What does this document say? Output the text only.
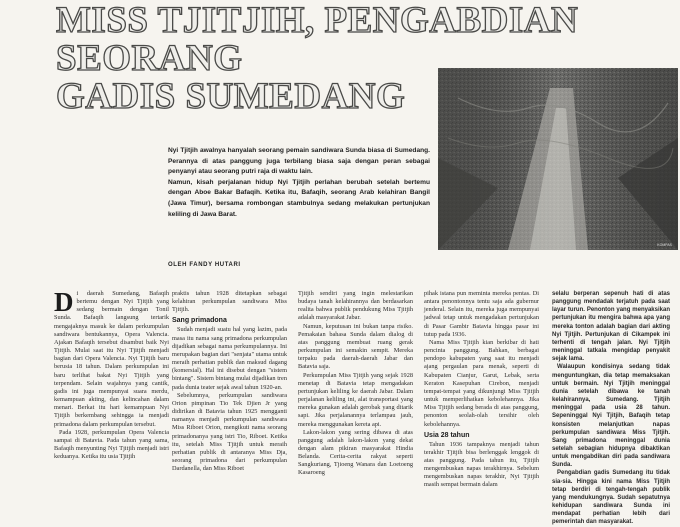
MISS TJITJIH, PENGABDIAN
SEORANG
GADIS SUMEDANG

Nyi Tjitjih awalnya hanyalah seorang pemain sandiwara Sunda biasa di Sumedang. Perannya di atas panggung juga terbilang biasa saja dengan peran sebagai penyanyi atau seorang putri raja di waktu lain.

Namun, kisah perjalanan hidup Nyi Tjitjih perlahan berubah setelah bertemu dengan Aboe Bakar Bafaqih. Ketika itu, Bafaqih, seorang Arab kelahiran Bangil (Jawa Timur), bersama rombongan stambulnya sedang melakukan pertunjukan keliling di Jawa Barat.

OLEH FANDY HUTARI
KOMPAS
D i daerah Sumedang, Bafaqih bertemu dengan Nyi Tjitjih yang sedang bermain dengan Tonil Sunda. Bafaqih langsung tertarik mengajaknya masuk ke dalam perkumpulan sandiwara bentukannya, Opera Valencia. Ajakan Bafaqih tersebut disambut baik Nyi Tjitjih. Mulai saat itu Nyi Tjitjih menjadi bagian dari Opera Valencia. Nyi Tjitjih baru berusia 18 tahun. Dalam perkumpulan ini baru terlihat bakat Nyi Tjitjih yang terpendam. Selain wajahnya yang cantik, gadis ini juga mempunyai suara merdu, kemampuan akting, dan kelincahan dalam menari. Berkat itu hari kemampuan Nyi Tjitjih berkembang sehingga ia menjadi primadona dalam perkumpulan tersebut.

Pada 1928, perkumpulan Opera Valencia sampai di Batavia. Pada tahun yang sama, Bafaqih menyunting Nyi Tjitjih menjadi istri keduanya. Ketika itu usia Tjitjih

praktis tahun 1928 ditetapkan sebagai kelahiran perkumpulan sandiwara Miss Tjitjih.

Sang primadona

Sudah menjadi suatu hal yang lazim, pada masa itu nama sang primadona perkumpulan dijadikan sebagai nama perkumpulannya. Ini merupakan bagian dari "senjata" utama untuk meraih perhatian publik dan maksud dagang (komersial). Hal ini disebut dengan "sistem bintang". Sistem bintang mulai dijadikan tren pada dunia teater sejak awal tahun 1920-an.

Sebelumnya, perkumpulan sandiwara Orion pimpinan Tio Tek Djien Jr yang didirikan di Batavia tahun 1925 mengganti namanya menjadi perkumpulan sandiwara Miss Riboet Orion, mengikuti nama seorang primadonanya yang istri Tio, Riboet. Ketika itu, setelah Miss Tjitjih untuk meraih perhatian publik di antaranya Miss Dja, seorang primadona dari perkumpulan Dardanella, dan Miss Riboet

Tjitjih sendiri yang ingin melestarikan budaya tanah kelahirannya dan berdasarkan realita bahwa publik pendukung Miss Tjitjih adalah masyarakat Jabar.

Namun, keputusan ini bukan tanpa risiko. Pemakaian bahasa Sunda dalam dialog di atas panggung membuat ruang gerak perkumpulan ini semakin sempit. Mereka terpaku pada daerah-daerah Jabar dan Batavia saja.

Perkumpulan Miss Tjitjih yang sejak 1928 menetap di Batavia tetap mengadakan pertunjukan keliling ke daerah Jabar. Dalam perjalanan keliling ini, alat transportasi yang mereka gunakan adalah gerobak yang ditarik sapi. Jika perjalanannya terlampau jauh, mereka menggunakan kereta api.

Lakon-lakon yang sering dibawa di atas panggung adalah lakon-lakon yang dekat dengan alam pikiran masyarakat Hindia Belanda. Cerita-cerita rakyat seperti Sangkuriang, Tjioeng Wanara dan Loetoeng Kasaroeng

pihak istana pun meminta mereka pentas. Di antara penontonnya tentu saja ada gubernur jenderal. Selain itu, mereka juga mempunyai jadwal tetap untuk mengadakan pertunjukan di Pasar Gambir Batavia hingga pasar ini tutup pada 1936.

Nama Miss Tjitjih kian berkibar di hati pencinta panggung. Bahkan, berbagai pendopo kabupaten yang saat itu menjadi ajang pergaulan para menak, seperti di Kabupaten Cianjur, Garut, Lebak, serta Keraton Kasepuhan Cirebon, menjadi tempat-tempat yang dikunjungi Miss Tjitjih untuk memperlihatkan kebolehannya. Jika Miss Tjitjih sedang berada di atas panggung, penonton seolah-olah tersihir oleh kebolehannya.

Usia 28 tahun

Tahun 1936 tampaknya menjadi tahun terakhir Tjitjih bisa berlenggak lenggok di atas panggung. Pada tahun itu, Tjitjih mengembuskan napas terakhirnya. Sebelum mengembuskan napas terakhir, Nyi Tjitjih masih sempat bermain dalam

selalu berperan sepenuh hati di atas panggung mendadak terjatuh pada saat layar turun. Penonton yang menyaksikan pertunjukan itu mengira bahwa apa yang mereka tonton adalah bagian dari akting Nyi Tjitjih. Pertunjukan di Cikampek ini terhenti di tengah jalan. Nyi Tjitjih meninggal tatkala mengidap penyakit sejak lama.

Walaupun kondisinya sedang tidak menguntungkan, dia tetap memaksakan untuk bermain. Nyi Tjitjih meninggal dunia setelah dibawa ke tanah kelahirannya, Sumedang. Tjitjih meninggal pada usia 28 tahun. Sepeninggal Nyi Tjitjih, Bafaqih tetap konsisten melanjutkan napas perkumpulan sandiwara Miss Tjitjih. Sang primadona meninggal dunia setelah sebagian hidupnya dibaktikan untuk mengabdikan diri pada sandiwara Sunda.

Pengabdian gadis Sumedang itu tidak sia-sia. Hingga kini nama Miss Tjitjih tetap berdiri di tengah-tengah publik yang mendukungnya. Sudah sepatutnya kehidupan sandiwara Sunda ini mendapat perhatian lebih dari pemerintah dan masyarakat.
